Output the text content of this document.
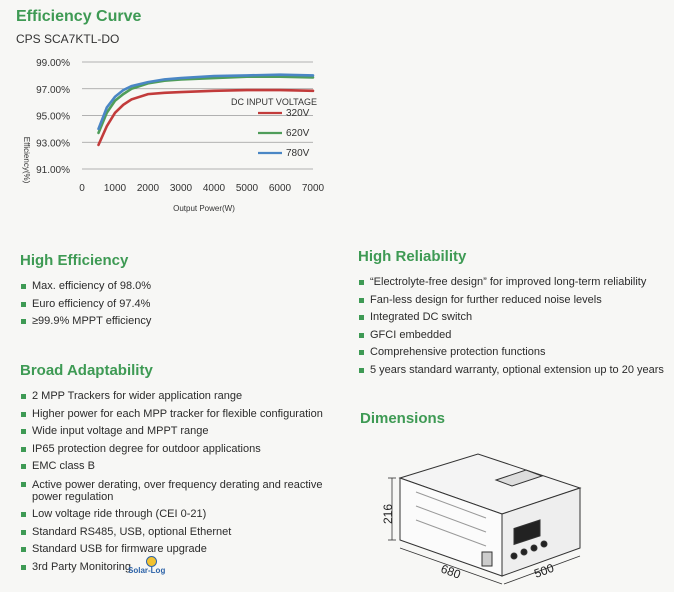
Efficiency Curve
CPS SCA7KTL-DO
Efficiency(%) 91.00%
93.00%
95.00%
97.00%
99.00%
0 1000 2000 3000 4000 5000 6000 7000
DC INPUT VOLTAGE
320V
620V
780V
Output Power(W)
High Efficiency
Max. efficiency of 98.0%
Euro efficiency of 97.4%
≥99.9% MPPT efficiency
Broad Adaptability
2 MPP Trackers for wider application range
Higher power for each MPP tracker for flexible configuration
Wide input voltage and MPPT range
IP65 protection degree for outdoor applications
EMC class B
Active power derating, over frequency derating and reactive power regulation
Low voltage ride through (CEI 0-21)
Standard RS485, USB, optional Ethernet
Standard USB for firmware upgrade
3rd Party Monitoring
Solar-Log
High Reliability
“Electrolyte-free design” for improved long-term reliability
Fan-less design for further reduced noise levels
Integrated DC switch
GFCI embedded
Comprehensive protection functions
5 years standard warranty, optional extension up to 20 years
Dimensions
216
680	500
